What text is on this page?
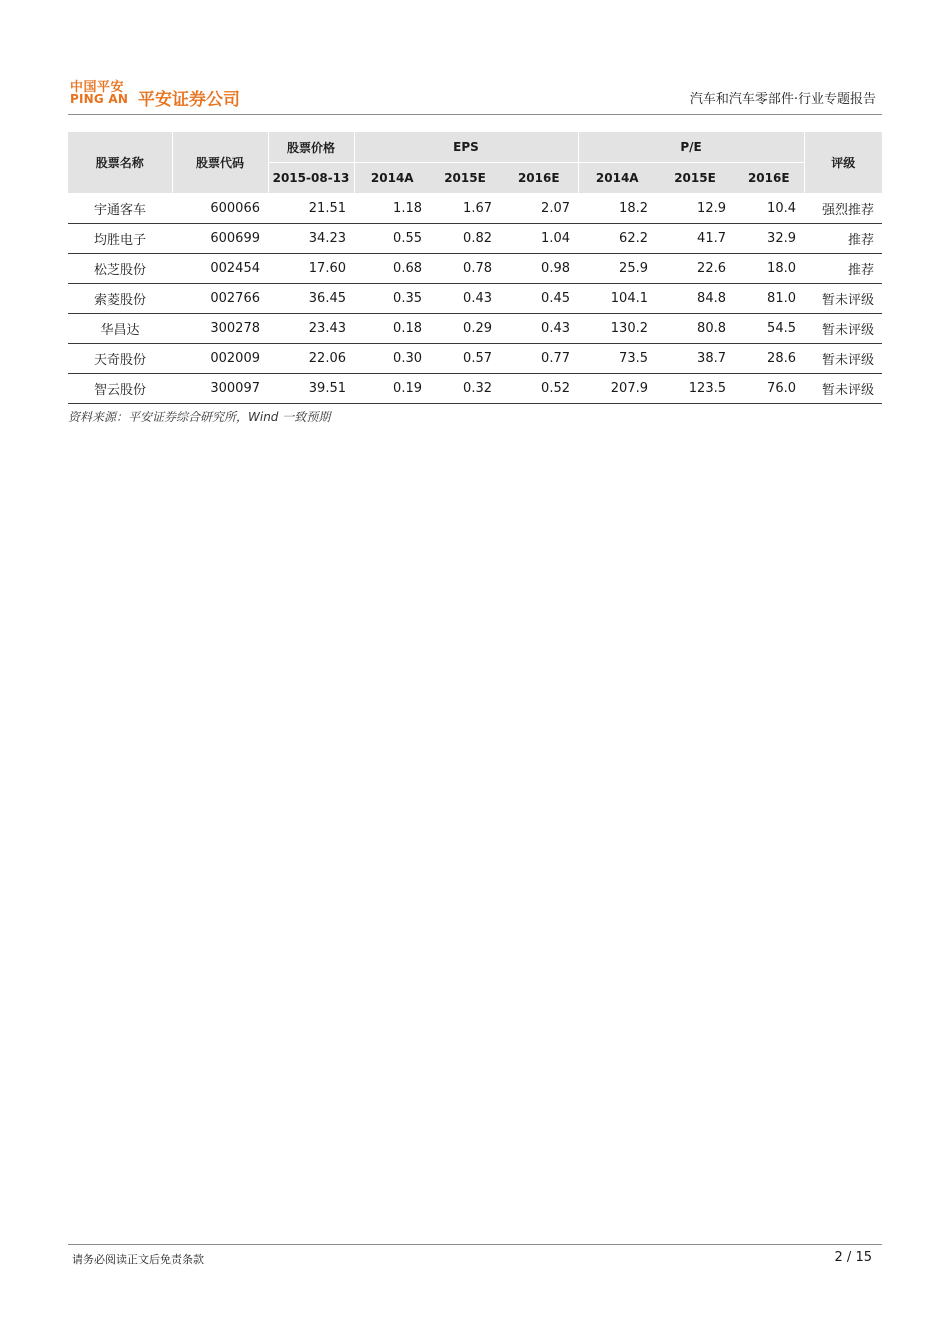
中国平安
PING AN 平安证券公司	汽车和汽车零部件·行业专题报告
股票名称	股票代码	股票价格	EPS			P/E			评级
		2015-08-13	2014A	2015E	2016E	2014A	2015E	2016E	
宇通客车	600066	21.51	1.18	1.67	2.07	18.2	12.9	10.4	强烈推荐
均胜电子	600699	34.23	0.55	0.82	1.04	62.2	41.7	32.9	推荐
松芝股份	002454	17.60	0.68	0.78	0.98	25.9	22.6	18.0	推荐
索菱股份	002766	36.45	0.35	0.43	0.45	104.1	84.8	81.0	暂未评级
华昌达	300278	23.43	0.18	0.29	0.43	130.2	80.8	54.5	暂未评级
天奇股份	002009	22.06	0.30	0.57	0.77	73.5	38.7	28.6	暂未评级
智云股份	300097	39.51	0.19	0.32	0.52	207.9	123.5	76.0	暂未评级
资料来源：平安证券综合研究所，Wind 一致预期
请务必阅读正文后免责条款	2 / 15
